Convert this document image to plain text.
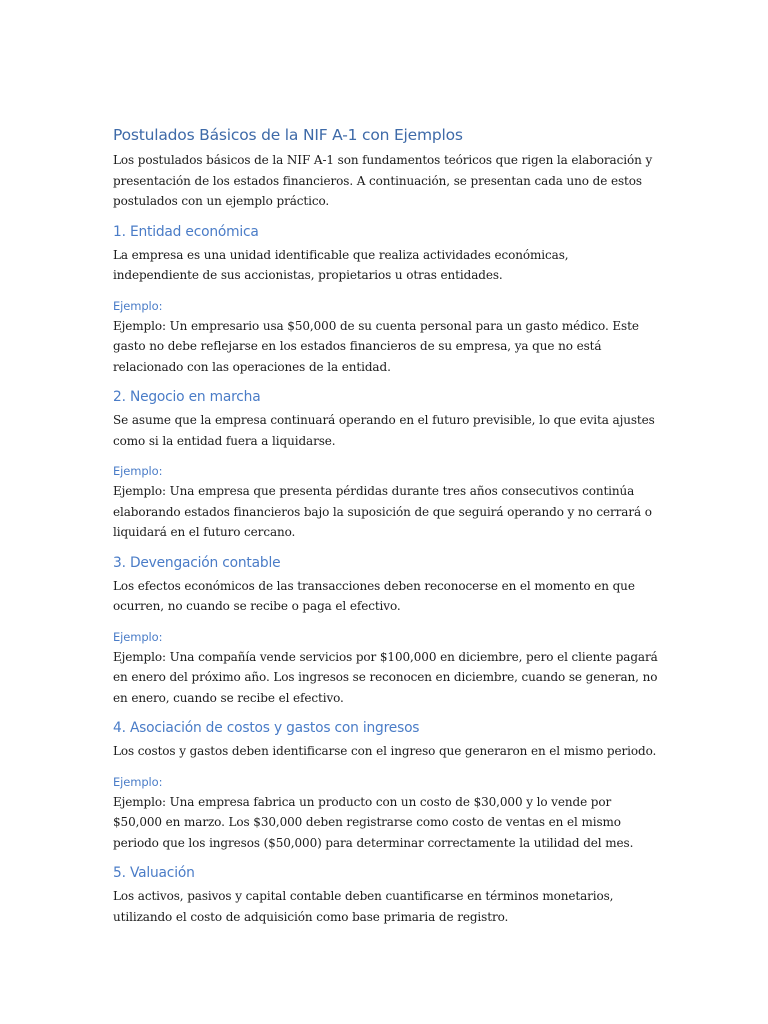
Postulados Básicos de la NIF A-1 con Ejemplos

Los postulados básicos de la NIF A-1 son fundamentos teóricos que rigen la elaboración y presentación de los estados financieros. A continuación, se presentan cada uno de estos postulados con un ejemplo práctico.

1. Entidad económica

La empresa es una unidad identificable que realiza actividades económicas, independiente de sus accionistas, propietarios u otras entidades.

Ejemplo:

Ejemplo: Un empresario usa $50,000 de su cuenta personal para un gasto médico. Este gasto no debe reflejarse en los estados financieros de su empresa, ya que no está relacionado con las operaciones de la entidad.

2. Negocio en marcha

Se asume que la empresa continuará operando en el futuro previsible, lo que evita ajustes como si la entidad fuera a liquidarse.

Ejemplo:

Ejemplo: Una empresa que presenta pérdidas durante tres años consecutivos continúa elaborando estados financieros bajo la suposición de que seguirá operando y no cerrará o liquidará en el futuro cercano.

3. Devengación contable

Los efectos económicos de las transacciones deben reconocerse en el momento en que ocurren, no cuando se recibe o paga el efectivo.

Ejemplo:

Ejemplo: Una compañía vende servicios por $100,000 en diciembre, pero el cliente pagará en enero del próximo año. Los ingresos se reconocen en diciembre, cuando se generan, no en enero, cuando se recibe el efectivo.

4. Asociación de costos y gastos con ingresos

Los costos y gastos deben identificarse con el ingreso que generaron en el mismo periodo.

Ejemplo:

Ejemplo: Una empresa fabrica un producto con un costo de $30,000 y lo vende por $50,000 en marzo. Los $30,000 deben registrarse como costo de ventas en el mismo periodo que los ingresos ($50,000) para determinar correctamente la utilidad del mes.

5. Valuación

Los activos, pasivos y capital contable deben cuantificarse en términos monetarios, utilizando el costo de adquisición como base primaria de registro.
